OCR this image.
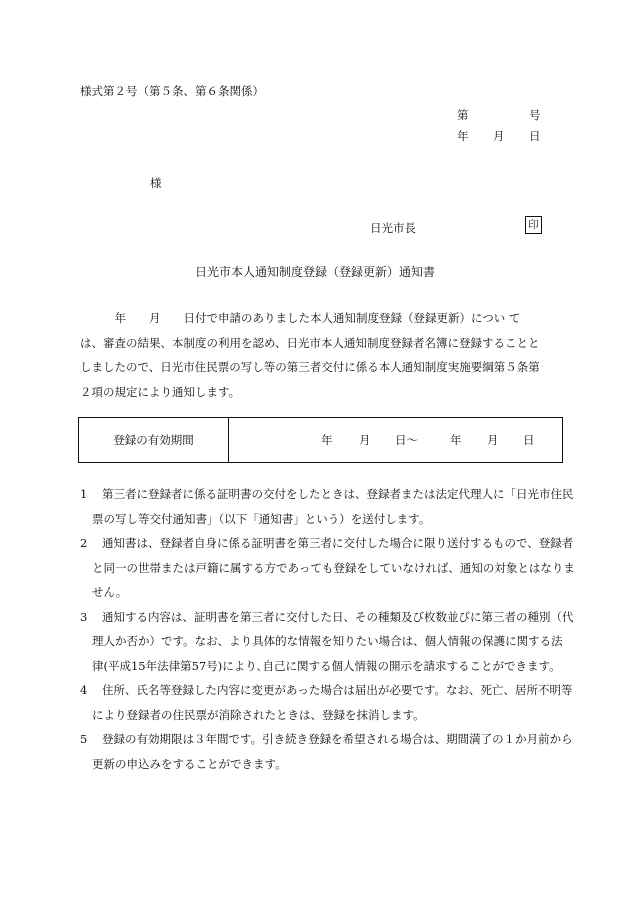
様式第２号（第５条、第６条関係）
第	号
年 月 日
様
日光市長	印
日光市本人通知制度登録（登録更新）通知書
　　　年　　月　　日付で申請のありました本人通知制度登録（登録更新）につい て
は、審査の結果、本制度の利用を認め、日光市本人通知制度登録者名簿に登録することと
しましたので、日光市住民票の写し等の第三者交付に係る本人通知制度実施要綱第５条第
２項の規定により通知します。
登録の有効期間	年 月 日〜	年 月 日
1	第三者に登録者に係る証明書の交付をしたときは、登録者または法定代理人に「日光市住民
票の写し等交付通知書」（以下「通知書」という）を送付します。
2	通知書は、登録者自身に係る証明書を第三者に交付した場合に限り送付するもので、登録者
と同一の世帯または戸籍に属する方であっても登録をしていなければ、通知の対象とはなりま
せん。
3	通知する内容は、証明書を第三者に交付した日、その種類及び枚数並びに第三者の種別（代
理人か否か）です。なお、より具体的な情報を知りたい場合は、個人情報の保護に関する法
律(平成15年法律第57号)により､自己に関する個人情報の開示を請求することができます。
4	住所、氏名等登録した内容に変更があった場合は届出が必要です。なお、死亡、居所不明等
により登録者の住民票が消除されたときは、登録を抹消します。
5	登録の有効期限は３年間です。引き続き登録を希望される場合は、期間満了の１か月前から
更新の申込みをすることができます。
